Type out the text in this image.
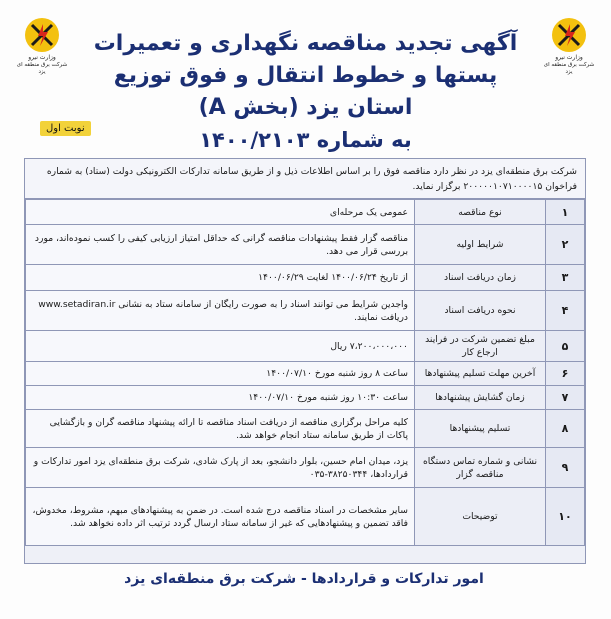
وزارت نیرو
شرکت برق منطقه ای یزد
وزارت نیرو
شرکت برق منطقه ای یزد
آگهی تجدید مناقصه نگهداری و تعمیرات
پستها و خطوط انتقال و فوق توزیع استان یزد (بخش A)
به شماره ۱۴۰۰/۲۱۰۳
نوبت اول
شرکت برق منطقه‌ای یزد در نظر دارد مناقصه فوق را بر اساس اطلاعات ذیل و از طریق سامانه تدارکات الکترونیکی دولت (ستاد) به شماره فراخوان ۲۰۰۰۰۰۱۰۷۱۰۰۰۰۱۵ برگزار نماید.
۱	نوع مناقصه	عمومی یک مرحله‌ای
۲	شرایط اولیه	مناقصه گزار فقط پیشنهادات مناقصه گرانی که حداقل امتیاز ارزیابی کیفی را کسب نموده‌اند، مورد بررسی قرار می دهد.
۳	زمان دریافت اسناد	از تاریخ ۱۴۰۰/۰۶/۲۴ لغایت ۱۴۰۰/۰۶/۲۹
۴	نحوه دریافت اسناد	واجدین شرایط می توانند اسناد را به صورت رایگان از سامانه ستاد به نشانی www.setadiran.ir دریافت نمایند.
۵	مبلغ تضمین شرکت در فرایند ارجاع کار	۷،۲۰۰،۰۰۰،۰۰۰ ریال
۶	آخرین مهلت تسلیم پیشنهادها	ساعت ۸ روز شنبه مورخ ۱۴۰۰/۰۷/۱۰
۷	زمان گشایش پیشنهادها	ساعت ۱۰:۳۰ روز شنبه مورخ ۱۴۰۰/۰۷/۱۰
۸	تسلیم پیشنهادها	کلیه مراحل برگزاری مناقصه از دریافت اسناد مناقصه تا ارائه پیشنهاد مناقصه گران و بازگشایی پاکات از طریق سامانه ستاد انجام خواهد شد.
۹	نشانی و شماره تماس دستگاه مناقصه گزار	یزد، میدان امام حسین، بلوار دانشجو، بعد از پارک شادی، شرکت برق منطقه‌ای یزد امور تدارکات و قراردادها، ۳۸۲۵۰۳۴۴-۰۳۵
۱۰	توضیحات	سایر مشخصات در اسناد مناقصه درج شده است. در ضمن به پیشنهادهای مبهم، مشروط، مخدوش، فاقد تضمین و پیشنهادهایی که غیر از سامانه ستاد ارسال گردد ترتیب اثر داده نخواهد شد.
امور تدارکات و قراردادها - شرکت برق منطقه‌ای یزد
